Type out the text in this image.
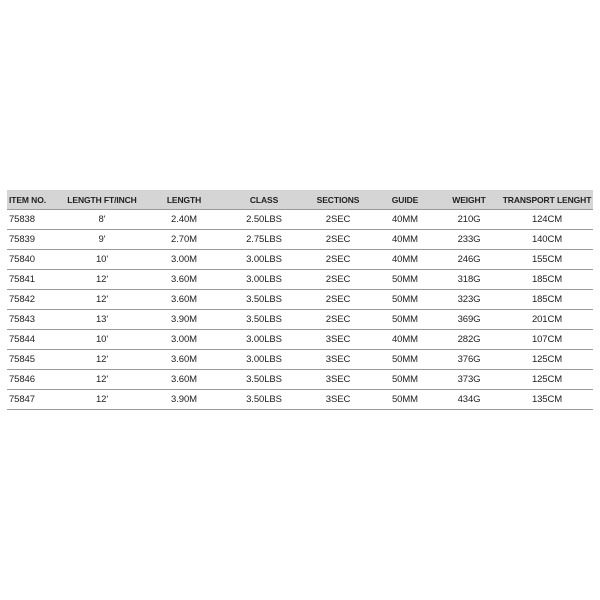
ITEM NO.	LENGTH FT/INCH	LENGTH	CLASS	SECTIONS	GUIDE	WEIGHT	TRANSPORT LENGHT
75838	8'	2.40M	2.50LBS	2SEC	40MM	210G	124CM
75839	9'	2.70M	2.75LBS	2SEC	40MM	233G	140CM
75840	10'	3.00M	3.00LBS	2SEC	40MM	246G	155CM
75841	12'	3.60M	3.00LBS	2SEC	50MM	318G	185CM
75842	12'	3.60M	3.50LBS	2SEC	50MM	323G	185CM
75843	13'	3.90M	3.50LBS	2SEC	50MM	369G	201CM
75844	10'	3.00M	3.00LBS	3SEC	40MM	282G	107CM
75845	12'	3.60M	3.00LBS	3SEC	50MM	376G	125CM
75846	12'	3.60M	3.50LBS	3SEC	50MM	373G	125CM
75847	12'	3.90M	3.50LBS	3SEC	50MM	434G	135CM
